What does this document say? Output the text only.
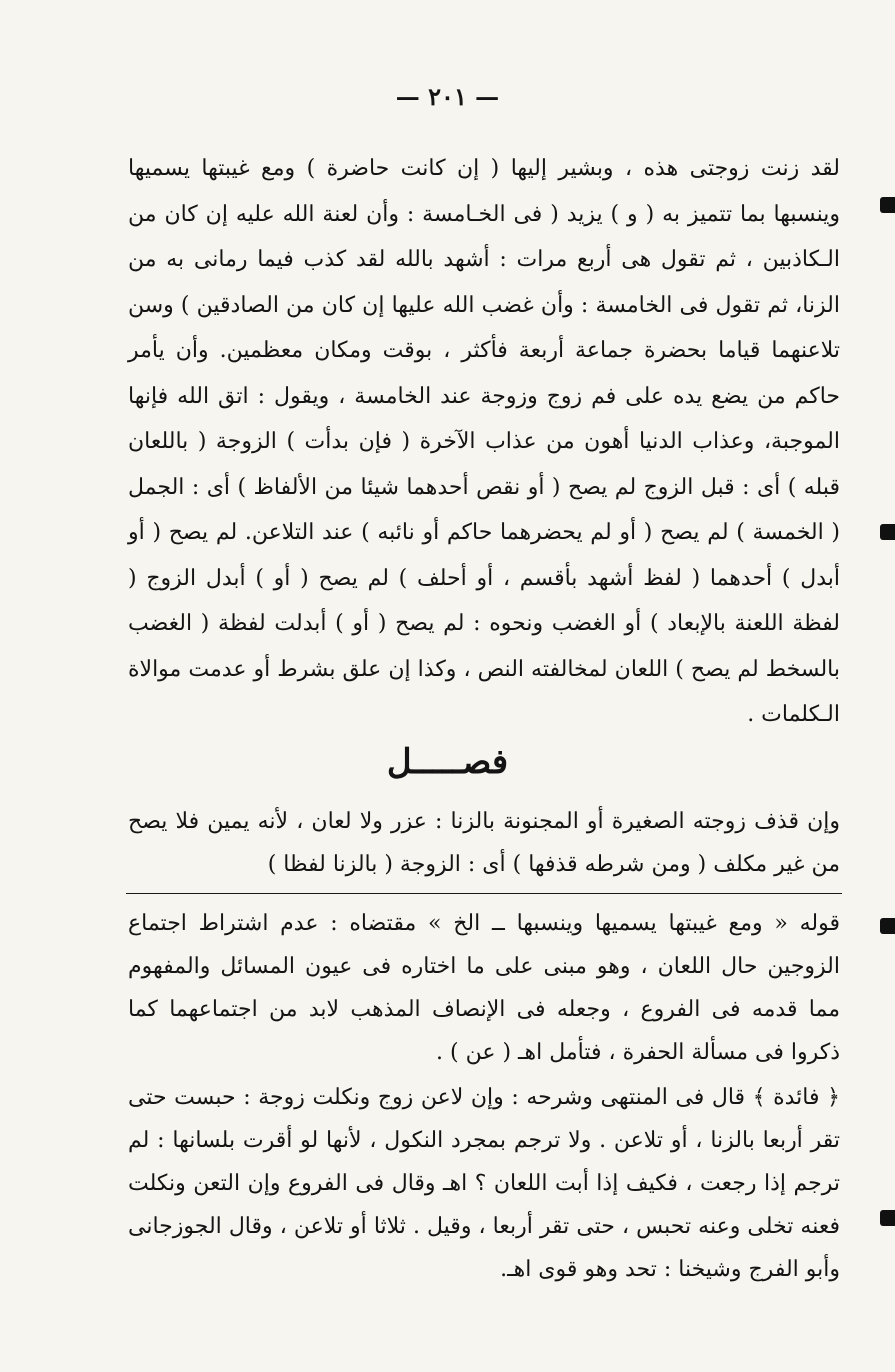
— ٢٠١ —

لقد زنت زوجتى هذه ، وبشير إليها ( إن كانت حاضرة ) ومع غيبتها يسميها وينسبها بما تتميز به ( و ) يزيد ( فى الخـامسة : وأن لعنة الله عليه إن كان من الـكاذبين ، ثم تقول هى أربع مرات : أشهد بالله لقد كذب فيما رمانى به من الزنا، ثم تقول فى الخامسة : وأن غضب الله عليها إن كان من الصادقين ) وسن تلاعنهما قياما بحضرة جماعة أربعة فأكثر ، بوقت ومكان معظمين. وأن يأمر حاكم من يضع يده على فم زوج وزوجة عند الخامسة ، ويقول : اتق الله فإنها الموجبة، وعذاب الدنيا أهون من عذاب الآخرة ( فإن بدأت ) الزوجة ( باللعان قبله ) أى : قبل الزوج لم يصح ( أو نقص أحدهما شيئا من الألفاظ ) أى : الجمل ( الخمسة ) لم يصح ( أو لم يحضرهما حاكم أو نائبه ) عند التلاعن. لم يصح ( أو أبدل ) أحدهما ( لفظ أشهد بأقسم ، أو أحلف ) لم يصح ( أو ) أبدل الزوج ( لفظة اللعنة بالإبعاد ) أو الغضب ونحوه : لم يصح ( أو ) أبدلت لفظة ( الغضب بالسخط لم يصح ) اللعان لمخالفته النص ، وكذا إن علق بشرط أو عدمت موالاة الـكلمات .

فصـــــل

وإن قذف زوجته الصغيرة أو المجنونة بالزنا : عزر ولا لعان ، لأنه يمين فلا يصح من غير مكلف ( ومن شرطه قذفها ) أى : الزوجة ( بالزنا لفظا )

قوله « ومع غيبتها يسميها وينسبها ــ الخ » مقتضاه : عدم اشتراط اجتماع الزوجين حال اللعان ، وهو مبنى على ما اختاره فى عيون المسائل والمفهوم مما قدمه فى الفروع ، وجعله فى الإنصاف المذهب لابد من اجتماعهما كما ذكروا فى مسألة الحفرة ، فتأمل اهـ ( عن ) .

﴿ فائدة ﴾ قال فى المنتهى وشرحه : وإن لاعن زوج ونكلت زوجة : حبست حتى تقر أربعا بالزنا ، أو تلاعن . ولا ترجم بمجرد النكول ، لأنها لو أقرت بلسانها : لم ترجم إذا رجعت ، فكيف إذا أبت اللعان ؟ اهـ وقال فى الفروع وإن التعن ونكلت فعنه تخلى وعنه تحبس ، حتى تقر أربعا ، وقيل . ثلاثا أو تلاعن ، وقال الجوزجانى وأبو الفرج وشيخنا : تحد وهو قوى اهـ.
